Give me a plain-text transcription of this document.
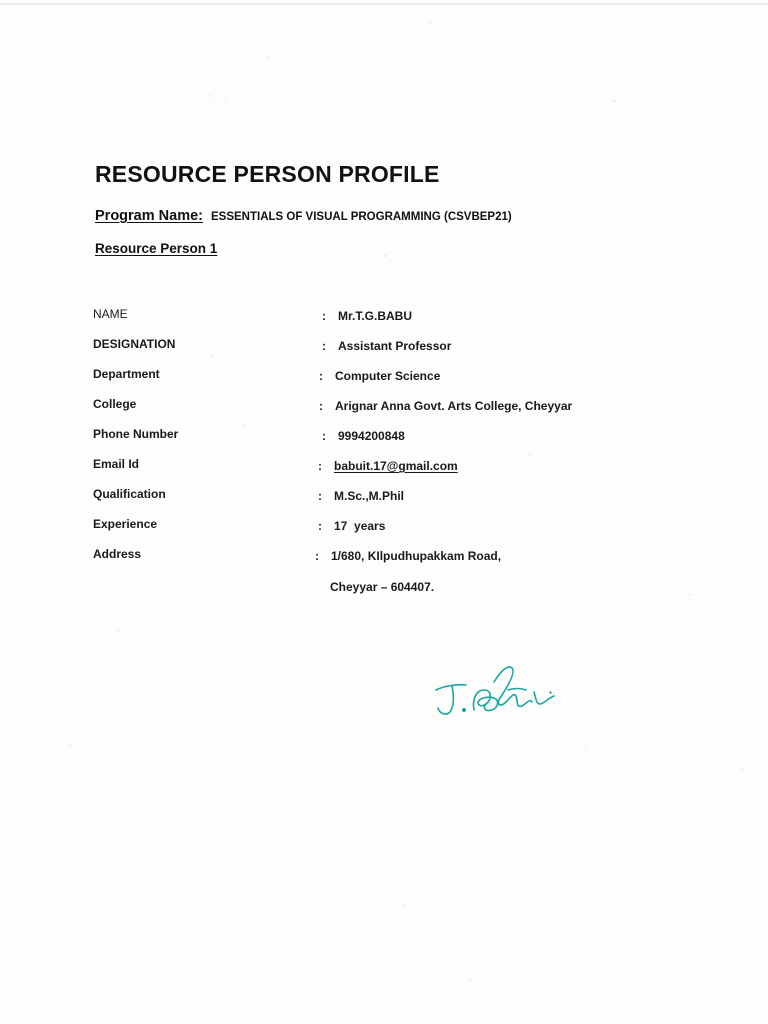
RESOURCE PERSON PROFILE
Program Name: ESSENTIALS OF VISUAL PROGRAMMING (CSVBEP21)
Resource Person 1
NAME
DESIGNATION
Department
College
Phone Number
Email Id
Qualification
Experience
Address
: Mr.T.G.BABU
: Assistant Professor
: Computer Science
: Arignar Anna Govt. Arts College, Cheyyar
: 9994200848
: babuit.17@gmail.com
: M.Sc.,M.Phil
: 17  years
: 1/680, KIlpudhupakkam Road,
Cheyyar – 604407.
